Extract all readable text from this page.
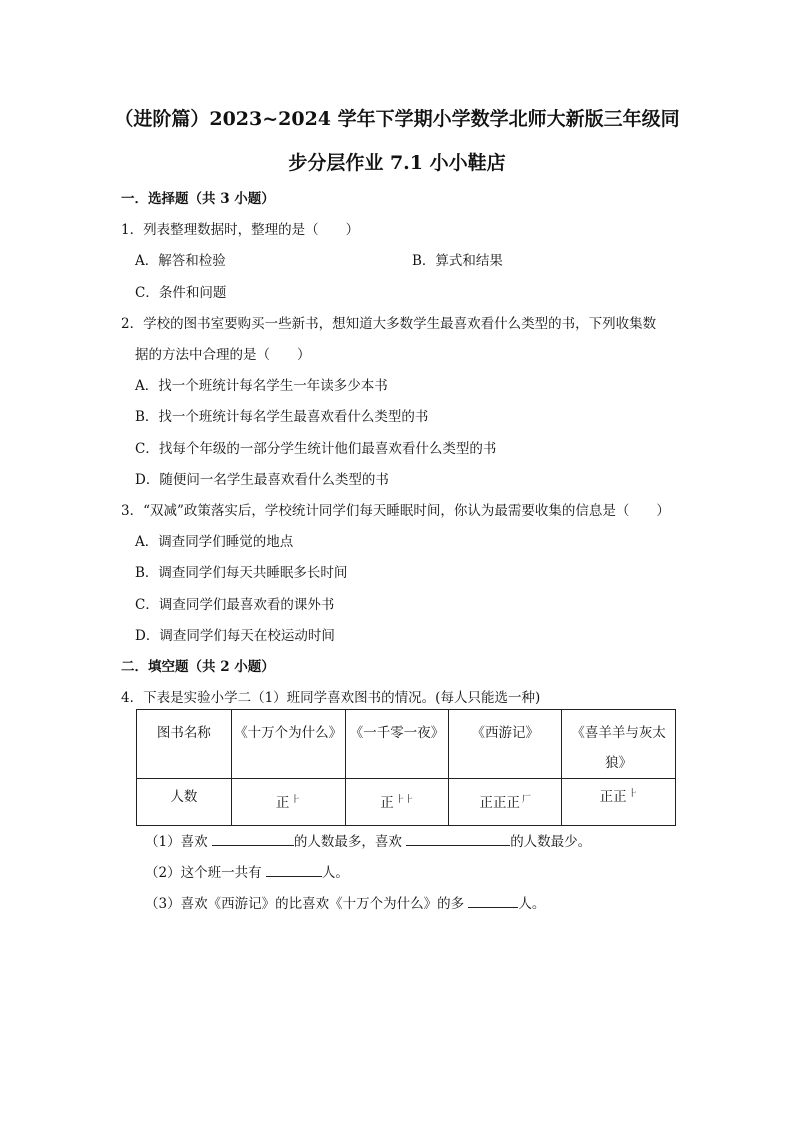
（进阶篇）2023~2024 学年下学期小学数学北师大新版三年级同
步分层作业 7.1 小小鞋店
一．选择题（共 3 小题）
1．列表整理数据时，整理的是（　　）
A．解答和检验	B．算式和结果
C．条件和问题
2．学校的图书室要购买一些新书，想知道大多数学生最喜欢看什么类型的书，下列收集数
据的方法中合理的是（　　）
A．找一个班统计每名学生一年读多少本书
B．找一个班统计每名学生最喜欢看什么类型的书
C．找每个年级的一部分学生统计他们最喜欢看什么类型的书
D．随便问一名学生最喜欢看什么类型的书
3．“双减”政策落实后，学校统计同学们每天睡眠时间，你认为最需要收集的信息是（　　）
A．调查同学们睡觉的地点
B．调查同学们每天共睡眠多长时间
C．调查同学们最喜欢看的课外书
D．调查同学们每天在校运动时间
二．填空题（共 2 小题）
4．下表是实验小学二（1）班同学喜欢图书的情况。(每人只能选一种)
图书名称	《十万个为什么》	《一千零一夜》	《西游记》	《喜羊羊与灰太
狼》

人数	正 ⺊	正 ⺊⺊	正正正 $^厂$	正正 ⺊
（1）喜欢	的人数最多，喜欢	的人数最少。
（2）这个班一共有	人。
（3）喜欢《西游记》的比喜欢《十万个为什么》的多	人。
